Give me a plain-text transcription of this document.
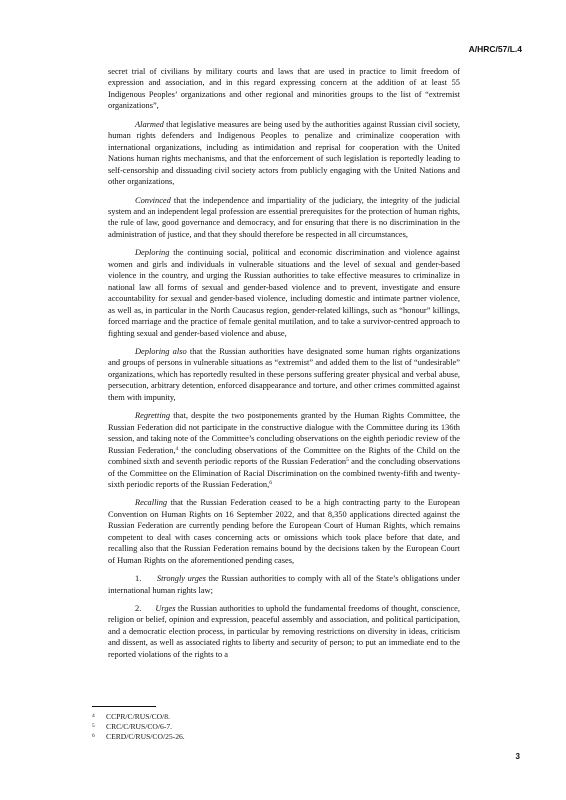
A/HRC/57/L.4

secret trial of civilians by military courts and laws that are used in practice to limit freedom of expression and association, and in this regard expressing concern at the addition of at least 55 Indigenous Peoples’ organizations and other regional and minorities groups to the list of “extremist organizations”,

Alarmed that legislative measures are being used by the authorities against Russian civil society, human rights defenders and Indigenous Peoples to penalize and criminalize cooperation with international organizations, including as intimidation and reprisal for cooperation with the United Nations human rights mechanisms, and that the enforcement of such legislation is reportedly leading to self-censorship and dissuading civil society actors from publicly engaging with the United Nations and other organizations,

Convinced that the independence and impartiality of the judiciary, the integrity of the judicial system and an independent legal profession are essential prerequisites for the protection of human rights, the rule of law, good governance and democracy, and for ensuring that there is no discrimination in the administration of justice, and that they should therefore be respected in all circumstances,

Deploring the continuing social, political and economic discrimination and violence against women and girls and individuals in vulnerable situations and the level of sexual and gender-based violence in the country, and urging the Russian authorities to take effective measures to criminalize in national law all forms of sexual and gender-based violence and to prevent, investigate and ensure accountability for sexual and gender-based violence, including domestic and intimate partner violence, as well as, in particular in the North Caucasus region, gender-related killings, such as “honour” killings, forced marriage and the practice of female genital mutilation, and to take a survivor-centred approach to fighting sexual and gender-based violence and abuse,

Deploring also that the Russian authorities have designated some human rights organizations and groups of persons in vulnerable situations as “extremist” and added them to the list of “undesirable” organizations, which has reportedly resulted in these persons suffering greater physical and verbal abuse, persecution, arbitrary detention, enforced disappearance and torture, and other crimes committed against them with impunity,

Regretting that, despite the two postponements granted by the Human Rights Committee, the Russian Federation did not participate in the constructive dialogue with the Committee during its 136th session, and taking note of the Committee’s concluding observations on the eighth periodic review of the Russian Federation,$^4$ the concluding observations of the Committee on the Rights of the Child on the combined sixth and seventh periodic reports of the Russian Federation$^5$ and the concluding observations of the Committee on the Elimination of Racial Discrimination on the combined twenty-fifth and twenty-sixth periodic reports of the Russian Federation,$^6$

Recalling that the Russian Federation ceased to be a high contracting party to the European Convention on Human Rights on 16 September 2022, and that 8,350 applications directed against the Russian Federation are currently pending before the European Court of Human Rights, which remains competent to deal with cases concerning acts or omissions which took place before that date, and recalling also that the Russian Federation remains bound by the decisions taken by the European Court of Human Rights on the aforementioned pending cases,

1. Strongly urges the Russian authorities to comply with all of the State’s obligations under international human rights law;

2. Urges the Russian authorities to uphold the fundamental freedoms of thought, conscience, religion or belief, opinion and expression, peaceful assembly and association, and political participation, and a democratic election process, in particular by removing restrictions on diversity in ideas, criticism and dissent, as well as associated rights to liberty and security of person; to put an immediate end to the reported violations of the rights to a

4	CCPR/C/RUS/CO/8.
5	CRC/C/RUS/CO/6-7.
6	CERD/C/RUS/CO/25-26.
3
